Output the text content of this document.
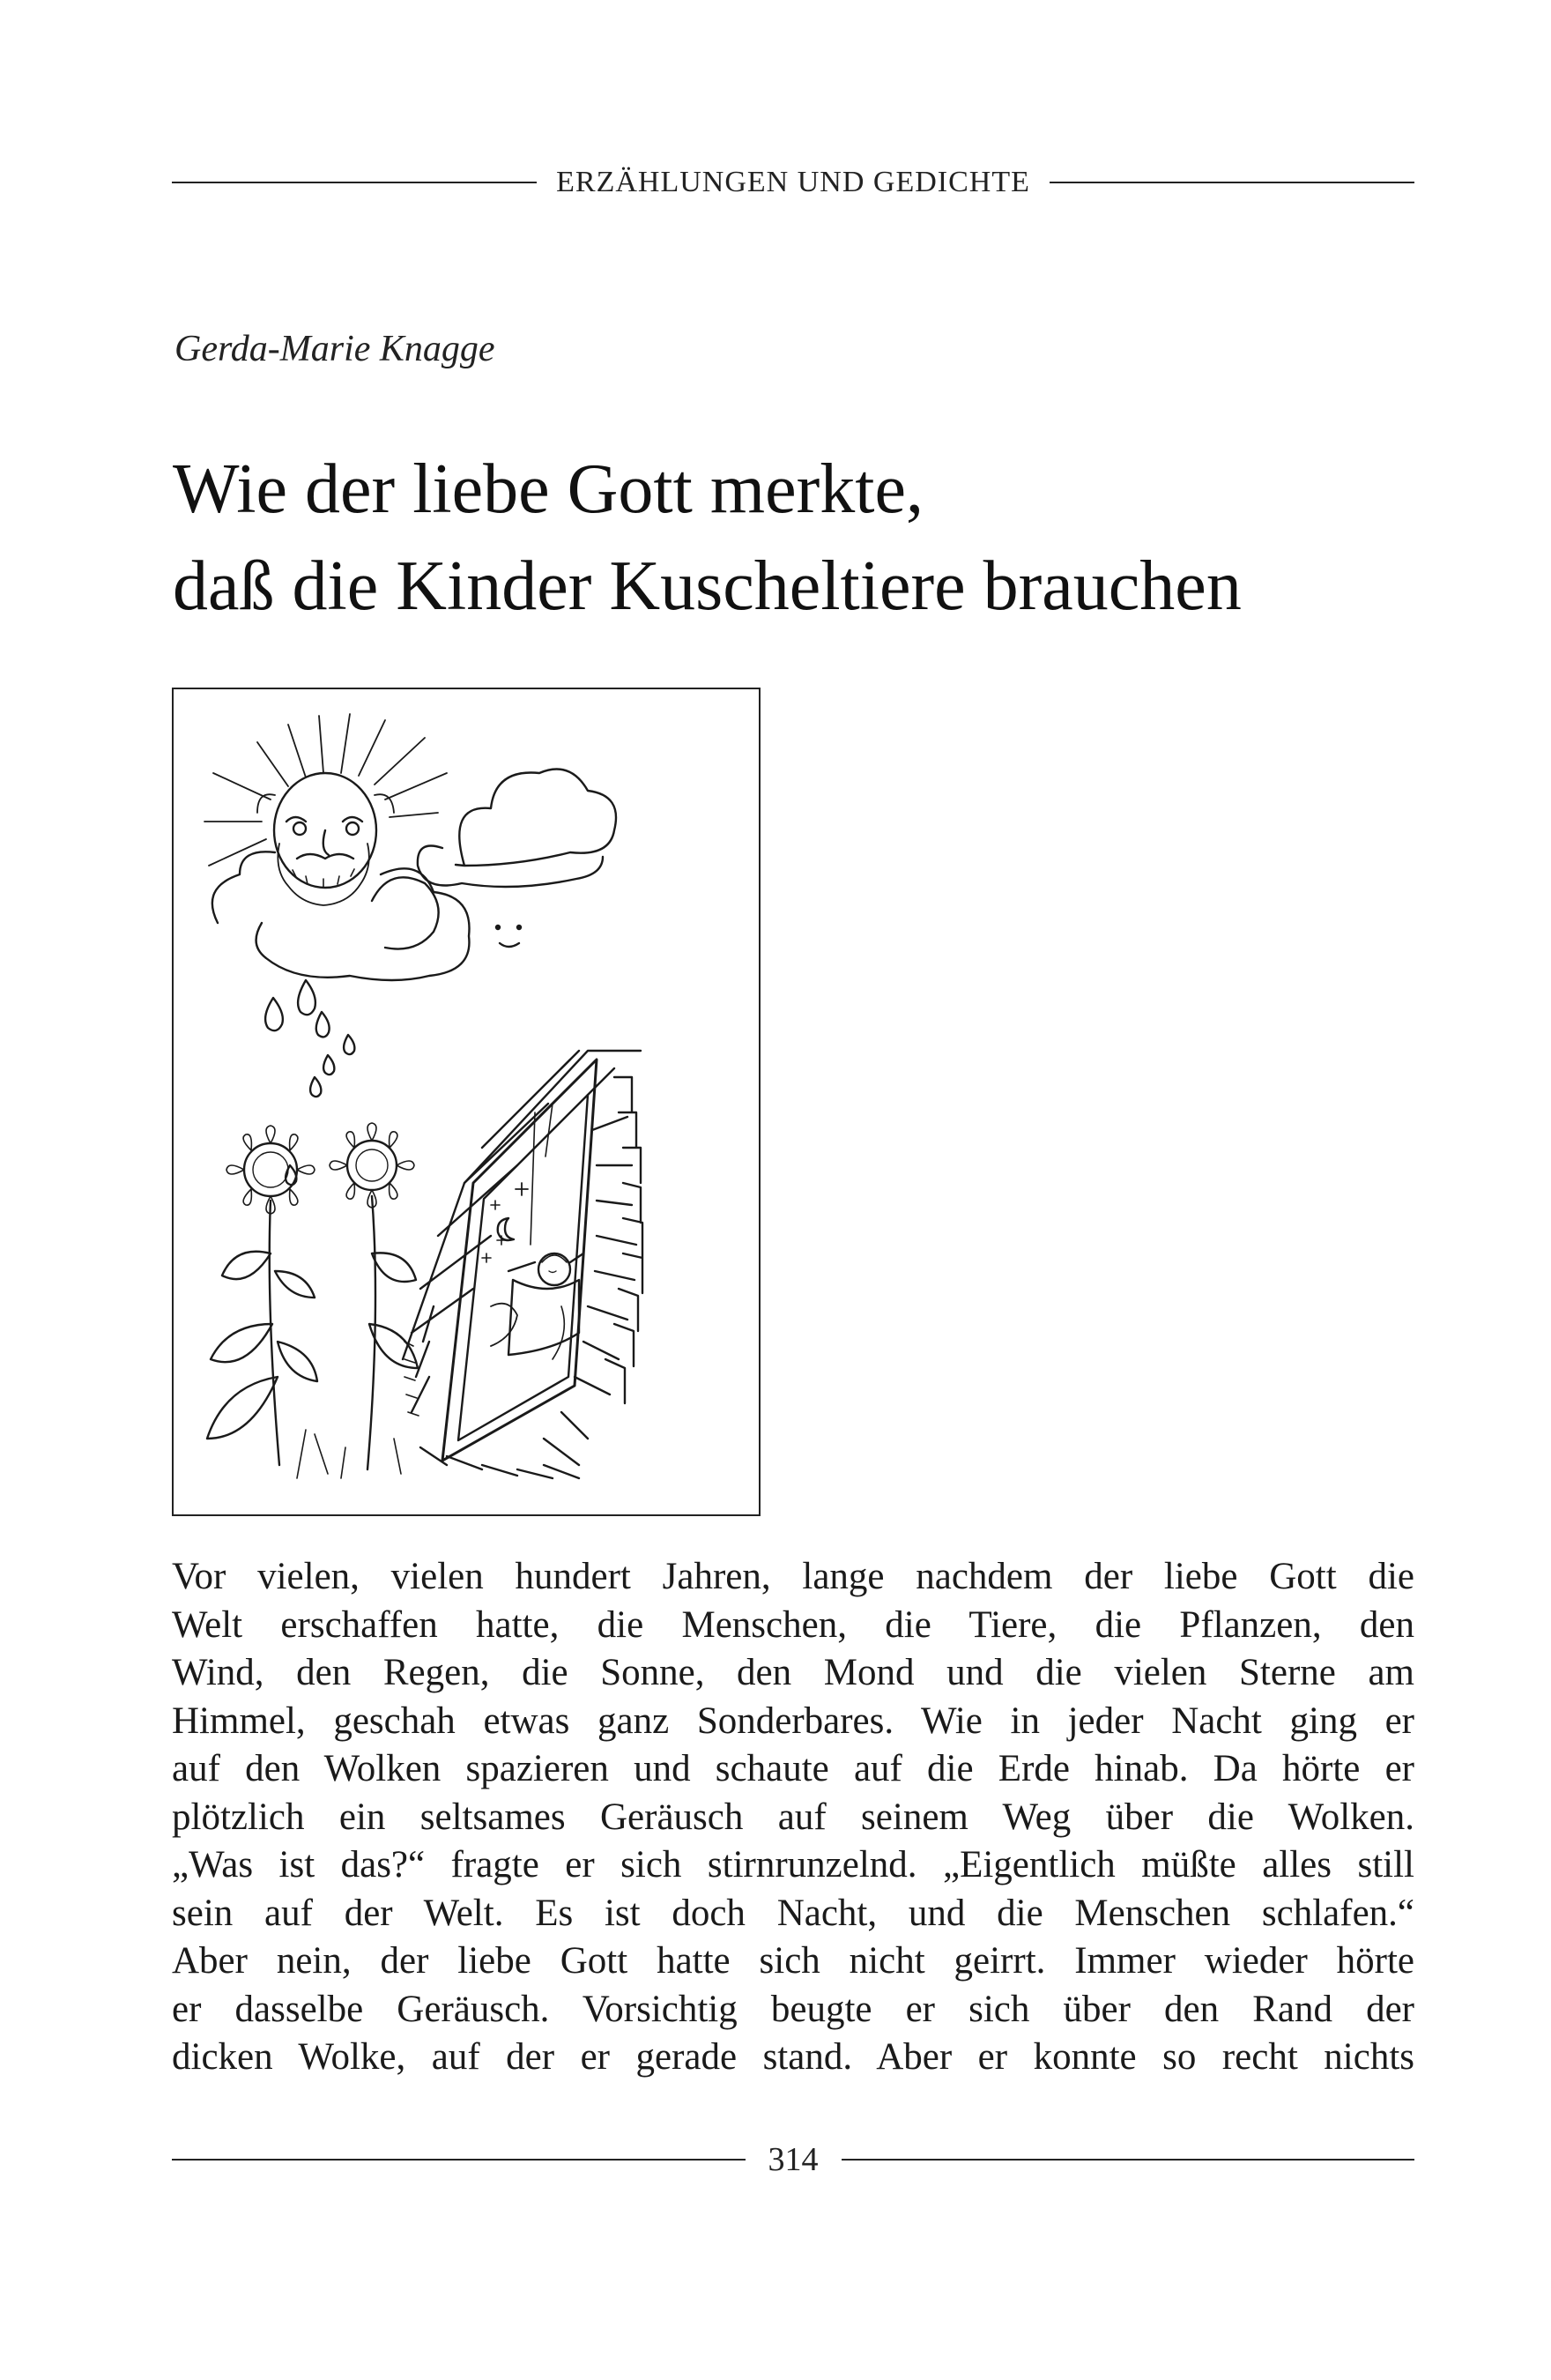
ERZÄHLUNGEN UND GEDICHTE
Gerda-Marie Knagge
Wie der liebe Gott merkte,
daß die Kinder Kuscheltiere brauchen
Vor vielen, vielen hundert Jahren, lange nachdem der liebe Gott die
Welt erschaffen hatte, die Menschen, die Tiere, die Pflanzen, den
Wind, den Regen, die Sonne, den Mond und die vielen Sterne am
Himmel, geschah etwas ganz Sonderbares. Wie in jeder Nacht ging er
auf den Wolken spazieren und schaute auf die Erde hinab. Da hörte er
plötzlich ein seltsames Geräusch auf seinem Weg über die Wolken.
„Was ist das?“ fragte er sich stirnrunzelnd. „Eigentlich müßte alles still
sein auf der Welt. Es ist doch Nacht, und die Menschen schlafen.“
Aber nein, der liebe Gott hatte sich nicht geirrt. Immer wieder hörte
er dasselbe Geräusch. Vorsichtig beugte er sich über den Rand der
dicken Wolke, auf der er gerade stand. Aber er konnte so recht nichts
314
